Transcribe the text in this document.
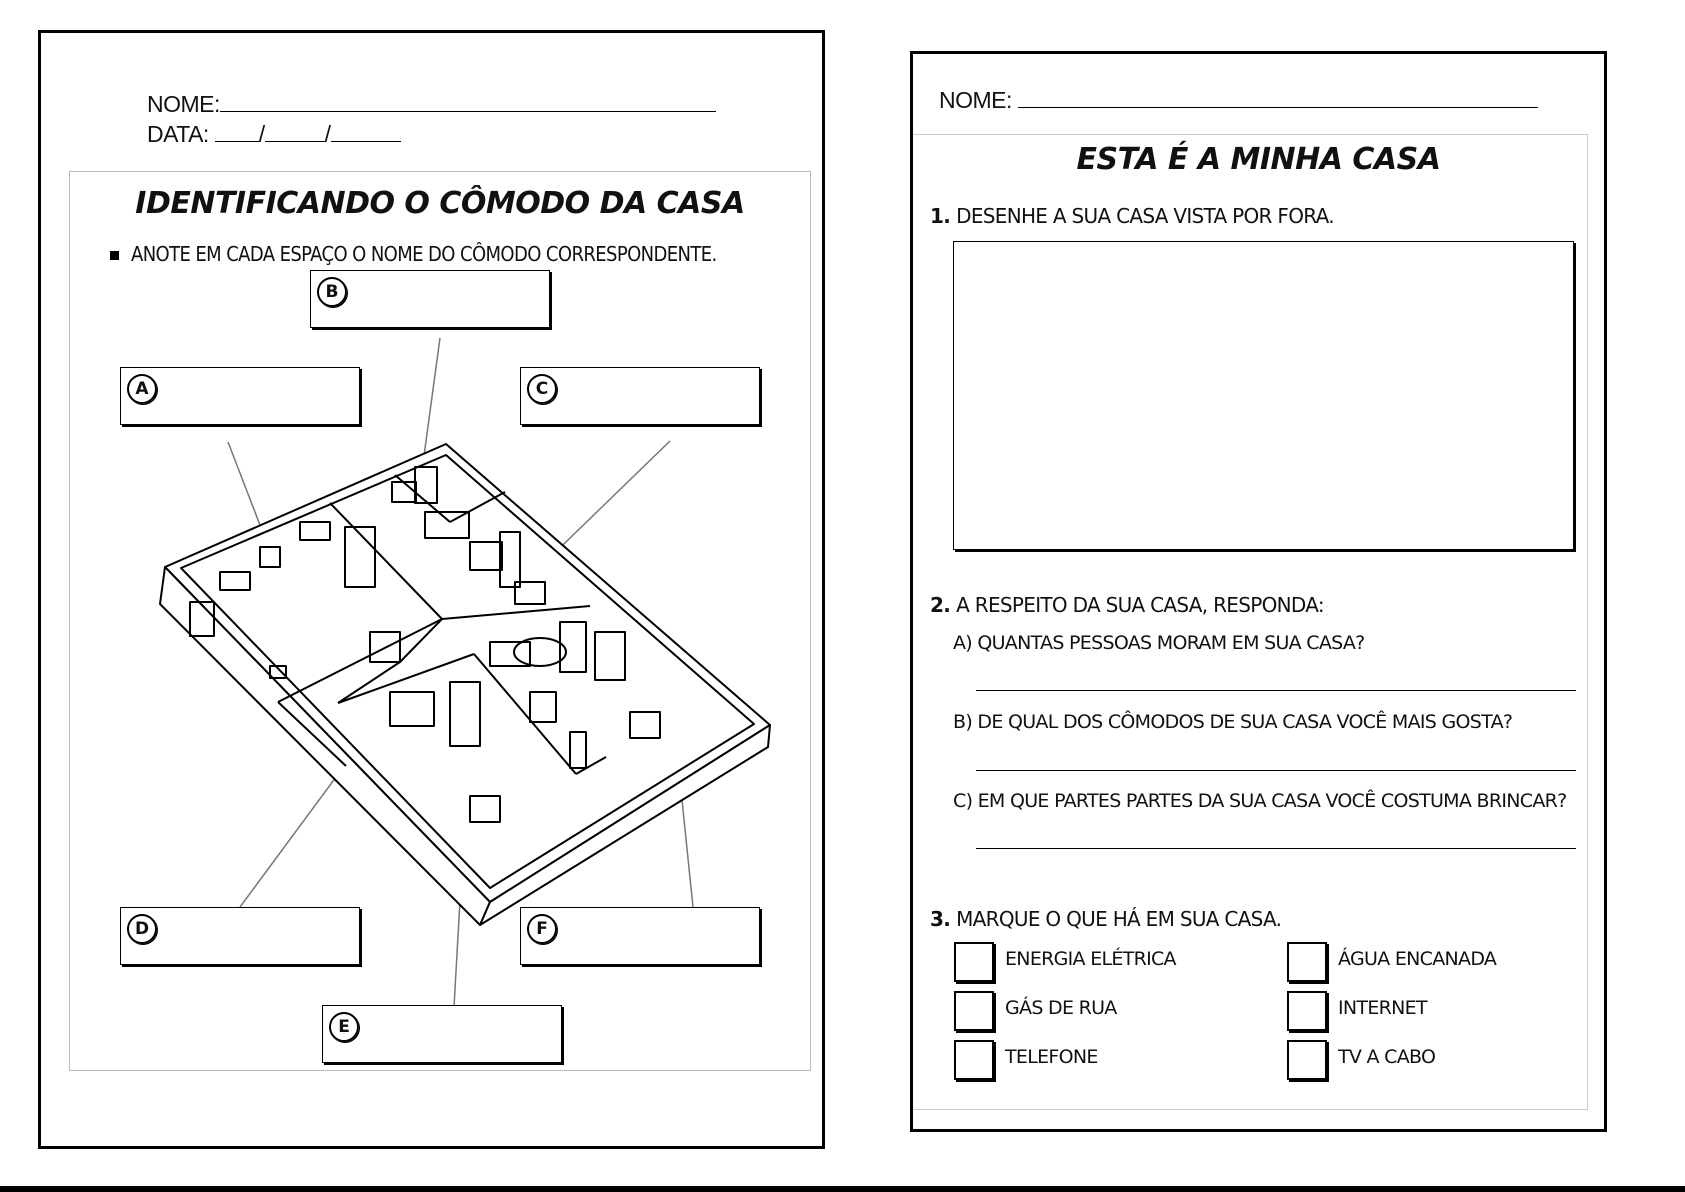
NOME:
DATA: /	/
IDENTIFICANDO O CÔMODO DA CASA
ANOTE EM CADA ESPAÇO O NOME DO CÔMODO CORRESPONDENTE.
B
A	C
D	F
E
NOME:
ESTA É A MINHA CASA
1. DESENHE A SUA CASA VISTA POR FORA.
2. A RESPEITO DA SUA CASA, RESPONDA:
A) QUANTAS PESSOAS MORAM EM SUA CASA?
B) DE QUAL DOS CÔMODOS DE SUA CASA VOCÊ MAIS GOSTA?
C) EM QUE PARTES PARTES DA SUA CASA VOCÊ COSTUMA BRINCAR?
3. MARQUE O QUE HÁ EM SUA CASA.
ENERGIA ELÉTRICA	ÁGUA ENCANADA
GÁS DE RUA	INTERNET
TELEFONE	TV A CABO
